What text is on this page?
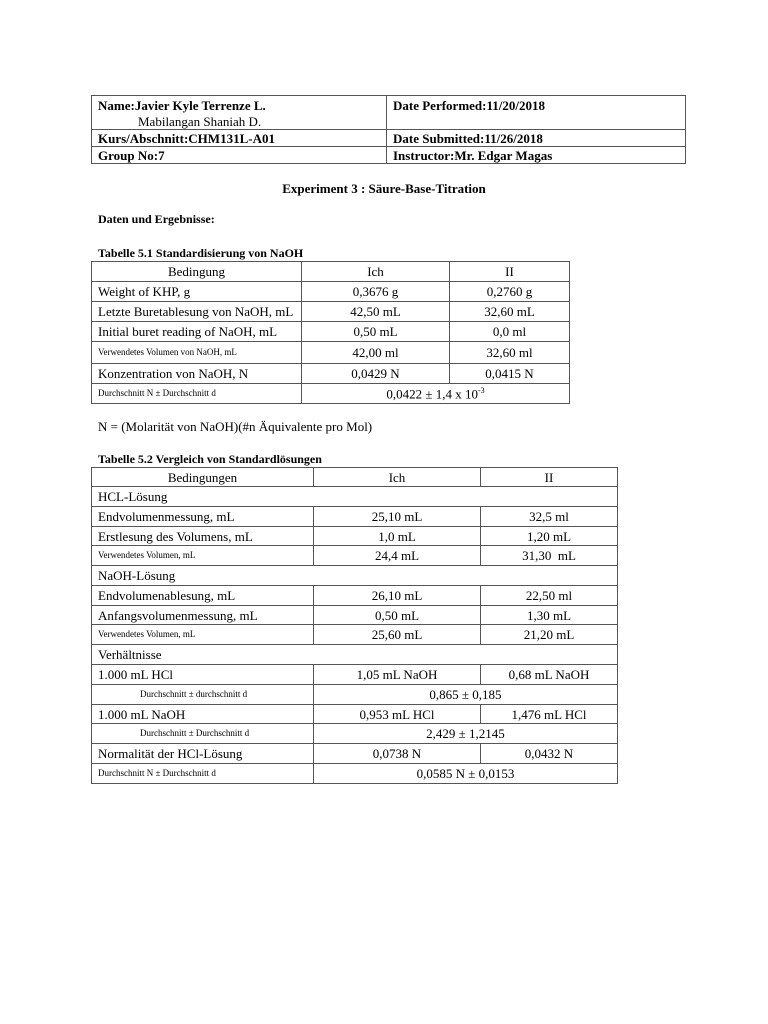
Name:Javier Kyle Terrenze L.
Mabilangan Shaniah D.	Date Performed:11/20/2018
Kurs/Abschnitt:CHM131L-A01	Date Submitted:11/26/2018
Group No:7	Instructor:Mr. Edgar Magas
Experiment 3 : Säure-Base-Titration
Daten und Ergebnisse:
Tabelle 5.1 Standardisierung von NaOH
Bedingung	Ich	II
Weight of KHP, g	0,3676 g	0,2760 g
Letzte Buretablesung von NaOH, mL	42,50 mL	32,60 mL
Initial buret reading of NaOH, mL	0,50 mL	0,0 ml
Verwendetes Volumen von NaOH, mL	42,00 ml	32,60 ml
Konzentration von NaOH, N	0,0429 N	0,0415 N
Durchschnitt N ± Durchschnitt d	0,0422 ± 1,4 x $10^{-3}$
N = (Molarität von NaOH)(#n Äquivalente pro Mol)
Tabelle 5.2 Vergleich von Standardlösungen
Bedingungen	Ich	II
HCL-Lösung		
Endvolumenmessung, mL	25,10 mL	32,5 ml
Erstlesung des Volumens, mL	1,0 mL	1,20 mL
Verwendetes Volumen, mL	24,4 mL	31,30  mL
NaOH-Lösung		
Endvolumenablesung, mL	26,10 mL	22,50 ml
Anfangsvolumenmessung, mL	0,50 mL	1,30 mL
Verwendetes Volumen, mL	25,60 mL	21,20 mL
Verhältnisse		
1.000 mL HCl	1,05 mL NaOH	0,68 mL NaOH
Durchschnitt ± durchschnitt d	0,865 ± 0,185	
1.000 mL NaOH	0,953 mL HCl	1,476 mL HCl
Durchschnitt ± Durchschnitt d	2,429 ± 1,2145	
Normalität der HCl-Lösung	0,0738 N	0,0432 N
Durchschnitt N ± Durchschnitt d	0,0585 N ± 0,0153	
